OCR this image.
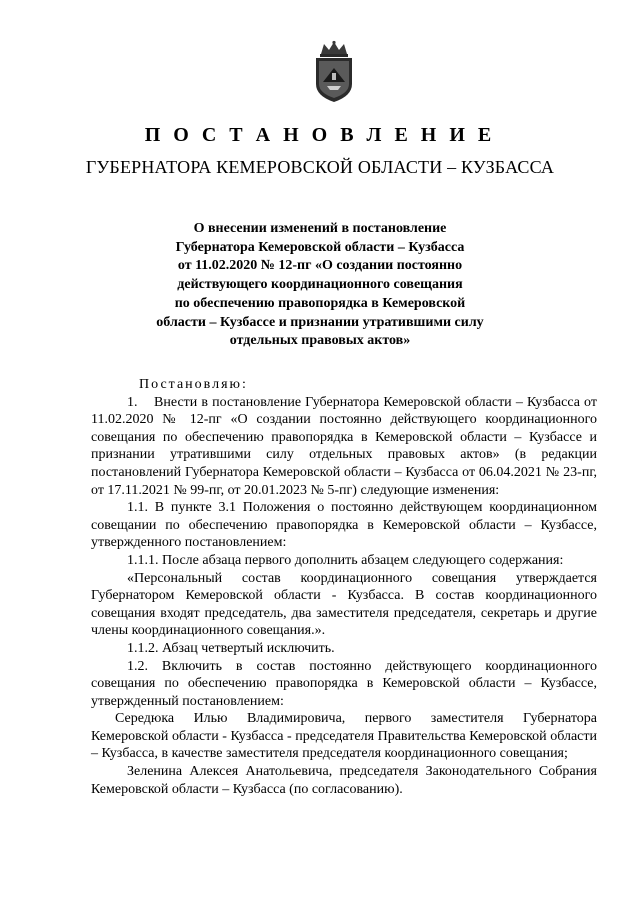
П О С Т А Н О В Л Е Н И Е
ГУБЕРНАТОРА КЕМЕРОВСКОЙ ОБЛАСТИ – КУЗБАССА
О внесении изменений в постановление
Губернатора Кемеровской области – Кузбасса
от 11.02.2020 № 12-пг «О создании постоянно
действующего координационного совещания
по обеспечению правопорядка в Кемеровской
области – Кузбассе и признании утратившими силу
отдельных правовых актов»

Постановляю:

1.    Внести в постановление Губернатора Кемеровской области – Кузбасса от 11.02.2020 № 12-пг «О создании постоянно действующего координационного совещания по обеспечению правопорядка в Кемеровской области – Кузбассе и признании утратившими силу отдельных правовых актов» (в редакции постановлений Губернатора Кемеровской области – Кузбасса от 06.04.2021 № 23-пг, от 17.11.2021 № 99-пг, от 20.01.2023 № 5-пг) следующие изменения:

1.1. В пункте 3.1 Положения о постоянно действующем координационном совещании по обеспечению правопорядка в Кемеровской области – Кузбассе, утвержденного постановлением:

1.1.1. После абзаца первого дополнить абзацем следующего содержания:

«Персональный состав координационного совещания утверждается Губернатором Кемеровской области - Кузбасса. В состав координационного совещания входят председатель, два заместителя председателя, секретарь и другие члены координационного совещания.».

1.1.2. Абзац четвертый исключить.

1.2. Включить в состав постоянно действующего координационного совещания по обеспечению правопорядка в Кемеровской области – Кузбассе, утвержденный постановлением:

Середюка Илью Владимировича, первого заместителя Губернатора Кемеровской области - Кузбасса - председателя Правительства Кемеровской области – Кузбасса, в качестве заместителя председателя координационного совещания;

Зеленина Алексея Анатольевича, председателя Законодательного Собрания Кемеровской области – Кузбасса (по согласованию).
